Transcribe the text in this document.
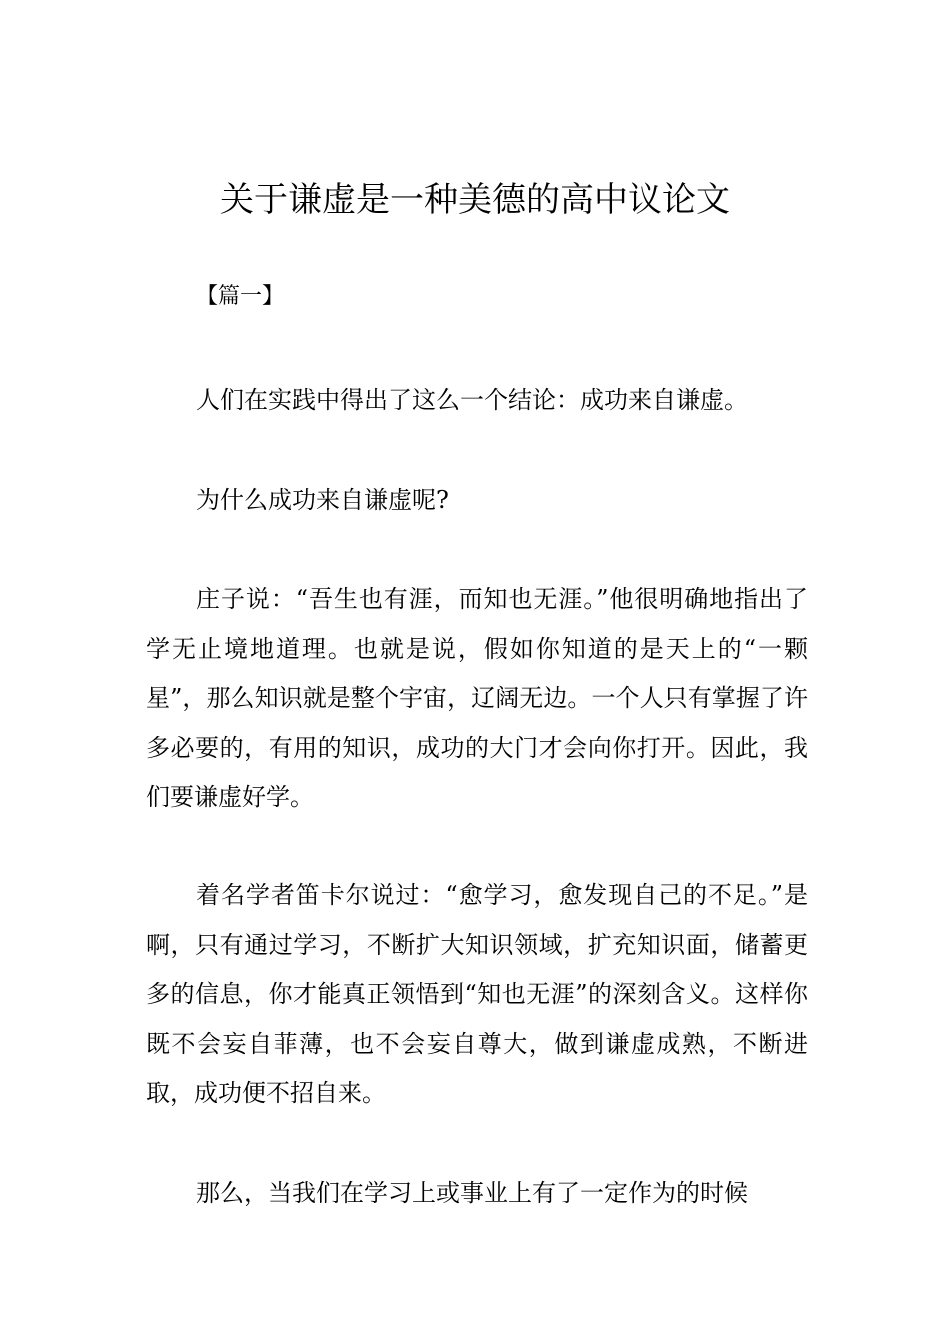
关于谦虚是一种美德的高中议论文
【篇一】

人们在实践中得出了这么一个结论：成功来自谦虚。

为什么成功来自谦虚呢?

庄子说：“吾生也有涯，而知也无涯。”他很明确地指出了学无止境地道理。也就是说，假如你知道的是天上的“一颗星”，那么知识就是整个宇宙，辽阔无边。一个人只有掌握了许多必要的，有用的知识，成功的大门才会向你打开。因此，我们要谦虚好学。

着名学者笛卡尔说过：“愈学习，愈发现自己的不足。”是啊，只有通过学习，不断扩大知识领域，扩充知识面，储蓄更多的信息，你才能真正领悟到“知也无涯”的深刻含义。这样你既不会妄自菲薄，也不会妄自尊大，做到谦虚成熟，不断进取，成功便不招自来。

那么，当我们在学习上或事业上有了一定作为的时候
